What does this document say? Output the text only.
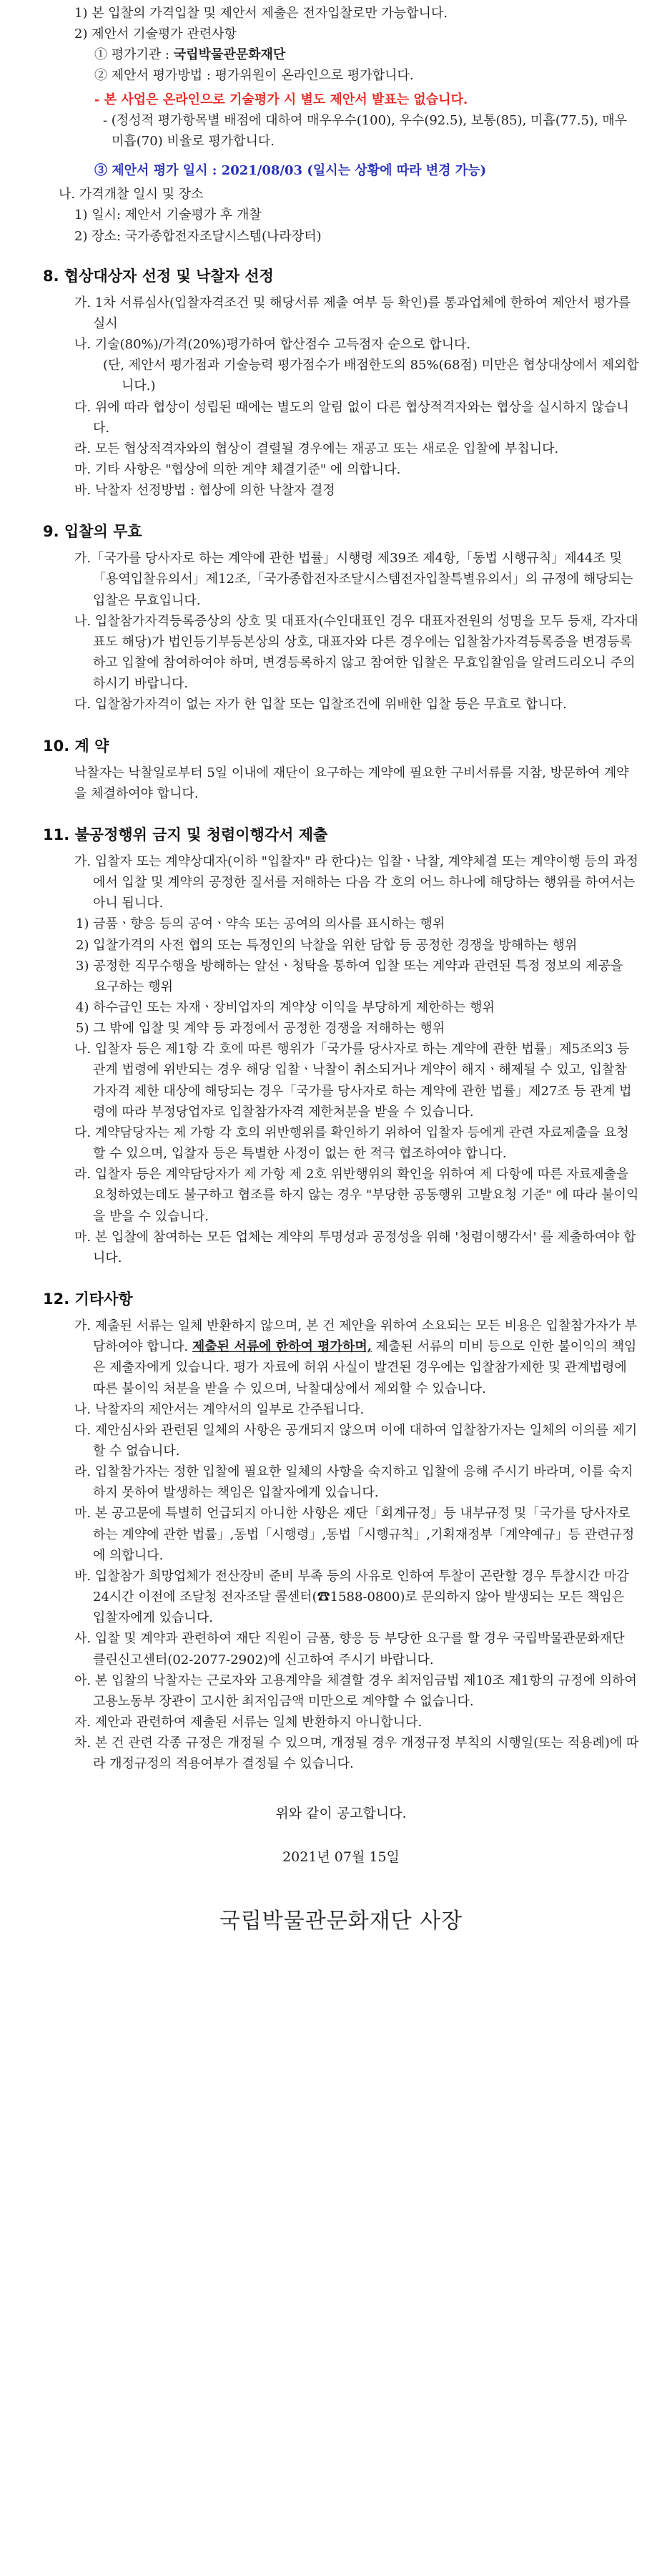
1) 본 입찰의 가격입찰 및 제안서 제출은 전자입찰로만 가능합니다.
2) 제안서 기술평가 관련사항
① 평가기관 : 국립박물관문화재단
② 제안서 평가방법 : 평가위원이 온라인으로 평가합니다.
- 본 사업은 온라인으로 기술평가 시 별도 제안서 발표는 없습니다.
- (정성적 평가항목별 배점에 대하여 매우우수(100), 우수(92.5), 보통(85), 미흡(77.5), 매우미흡(70) 비율로 평가합니다.
③ 제안서 평가 일시 : 2021/08/03 (일시는 상황에 따라 변경 가능)
나. 가격개찰 일시 및 장소
1) 일시: 제안서 기술평가 후 개찰
2) 장소: 국가종합전자조달시스템(나라장터)
8. 협상대상자 선정 및 낙찰자 선정
가. 1차 서류심사(입찰자격조건 및 해당서류 제출 여부 등 확인)를 통과업체에 한하여 제안서 평가를 실시
나. 기술(80%)/가격(20%)평가하여 합산점수 고득점자 순으로 합니다.
(단, 제안서 평가점과 기술능력 평가점수가 배점한도의 85%(68점) 미만은 협상대상에서 제외합니다.)
다. 위에 따라 협상이 성립된 때에는 별도의 알림 없이 다른 협상적격자와는 협상을 실시하지 않습니다.
라. 모든 협상적격자와의 협상이 결렬될 경우에는 재공고 또는 새로운 입찰에 부칩니다.
마. 기타 사항은 "협상에 의한 계약 체결기준" 에 의합니다.
바. 낙찰자 선정방법 : 협상에 의한 낙찰자 결정
9. 입찰의 무효
가.「국가를 당사자로 하는 계약에 관한 법률」시행령 제39조 제4항,「동법 시행규칙」제44조 및「용역입찰유의서」제12조,「국가종합전자조달시스템전자입찰특별유의서」의 규정에 해당되는 입찰은 무효입니다.
나. 입찰참가자격등록증상의 상호 및 대표자(수인대표인 경우 대표자전원의 성명을 모두 등재, 각자대표도 해당)가 법인등기부등본상의 상호, 대표자와 다른 경우에는 입찰참가자격등록증을 변경등록하고 입찰에 참여하여야 하며, 변경등록하지 않고 참여한 입찰은 무효입찰임을 알려드리오니 주의하시기 바랍니다.
다. 입찰참가자격이 없는 자가 한 입찰 또는 입찰조건에 위배한 입찰 등은 무효로 합니다.
10. 계 약
낙찰자는 낙찰일로부터 5일 이내에 재단이 요구하는 계약에 필요한 구비서류를 지참, 방문하여 계약을 체결하여야 합니다.
11. 불공정행위 금지 및 청렴이행각서 제출
가. 입찰자 또는 계약상대자(이하 "입찰자" 라 한다)는 입찰ㆍ낙찰, 계약체결 또는 계약이행 등의 과정에서 입찰 및 계약의 공정한 질서를 저해하는 다음 각 호의 어느 하나에 해당하는 행위를 하여서는 아니 됩니다.
1) 금품ㆍ향응 등의 공여ㆍ약속 또는 공여의 의사를 표시하는 행위
2) 입찰가격의 사전 협의 또는 특정인의 낙찰을 위한 담합 등 공정한 경쟁을 방해하는 행위
3) 공정한 직무수행을 방해하는 알선ㆍ청탁을 통하여 입찰 또는 계약과 관련된 특정 정보의 제공을 요구하는 행위
4) 하수급인 또는 자재ㆍ장비업자의 계약상 이익을 부당하게 제한하는 행위
5) 그 밖에 입찰 및 계약 등 과정에서 공정한 경쟁을 저해하는 행위
나. 입찰자 등은 제1항 각 호에 따른 행위가「국가를 당사자로 하는 계약에 관한 법률」제5조의3 등 관계 법령에 위반되는 경우 해당 입찰ㆍ낙찰이 취소되거나 계약이 해지ㆍ해제될 수 있고, 입찰참가자격 제한 대상에 해당되는 경우「국가를 당사자로 하는 계약에 관한 법률」제27조 등 관계 법령에 따라 부정당업자로 입찰참가자격 제한처분을 받을 수 있습니다.
다. 계약담당자는 제 가항 각 호의 위반행위를 확인하기 위하여 입찰자 등에게 관련 자료제출을 요청할 수 있으며, 입찰자 등은 특별한 사정이 없는 한 적극 협조하여야 합니다.
라. 입찰자 등은 계약담당자가 제 가항 제 2호 위반행위의 확인을 위하여 제 다항에 따른 자료제출을 요청하였는데도 불구하고 협조를 하지 않는 경우 "부당한 공동행위 고발요청 기준" 에 따라 불이익을 받을 수 있습니다.
마. 본 입찰에 참여하는 모든 업체는 계약의 투명성과 공정성을 위해 '청렴이행각서' 를 제출하여야 합니다.
12. 기타사항
가. 제출된 서류는 일체 반환하지 않으며, 본 건 제안을 위하여 소요되는 모든 비용은 입찰참가자가 부담하여야 합니다. 제출된 서류에 한하여 평가하며, 제출된 서류의 미비 등으로 인한 불이익의 책임은 제출자에게 있습니다. 평가 자료에 허위 사실이 발견된 경우에는 입찰참가제한 및 관계법령에 따른 불이익 처분을 받을 수 있으며, 낙찰대상에서 제외할 수 있습니다.
나. 낙찰자의 제안서는 계약서의 일부로 간주됩니다.
다. 제안심사와 관련된 일체의 사항은 공개되지 않으며 이에 대하여 입찰참가자는 일체의 이의를 제기할 수 없습니다.
라. 입찰참가자는 정한 입찰에 필요한 일체의 사항을 숙지하고 입찰에 응해 주시기 바라며, 이를 숙지하지 못하여 발생하는 책임은 입찰자에게 있습니다.
마. 본 공고문에 특별히 언급되지 아니한 사항은 재단「회계규정」등 내부규정 및「국가를 당사자로 하는 계약에 관한 법률」,동법「시행령」,동법「시행규칙」,기획재정부「계약예규」등 관련규정에 의합니다.
바. 입찰참가 희망업체가 전산장비 준비 부족 등의 사유로 인하여 투찰이 곤란할 경우 투찰시간 마감 24시간 이전에 조달청 전자조달 콜센터(☎1588-0800)로 문의하지 않아 발생되는 모든 책임은 입찰자에게 있습니다.
사. 입찰 및 계약과 관련하여 재단 직원이 금품, 향응 등 부당한 요구를 할 경우 국립박물관문화재단 클린신고센터(02-2077-2902)에 신고하여 주시기 바랍니다.
아. 본 입찰의 낙찰자는 근로자와 고용계약을 체결할 경우 최저임금법 제10조 제1항의 규정에 의하여 고용노동부 장관이 고시한 최저임금액 미만으로 계약할 수 없습니다.
자. 제안과 관련하여 제출된 서류는 일체 반환하지 아니합니다.
차. 본 건 관련 각종 규정은 개정될 수 있으며, 개정될 경우 개정규정 부칙의 시행일(또는 적용례)에 따라 개정규정의 적용여부가 결정될 수 있습니다.
위와 같이 공고합니다.
2021년 07월 15일
국립박물관문화재단 사장
